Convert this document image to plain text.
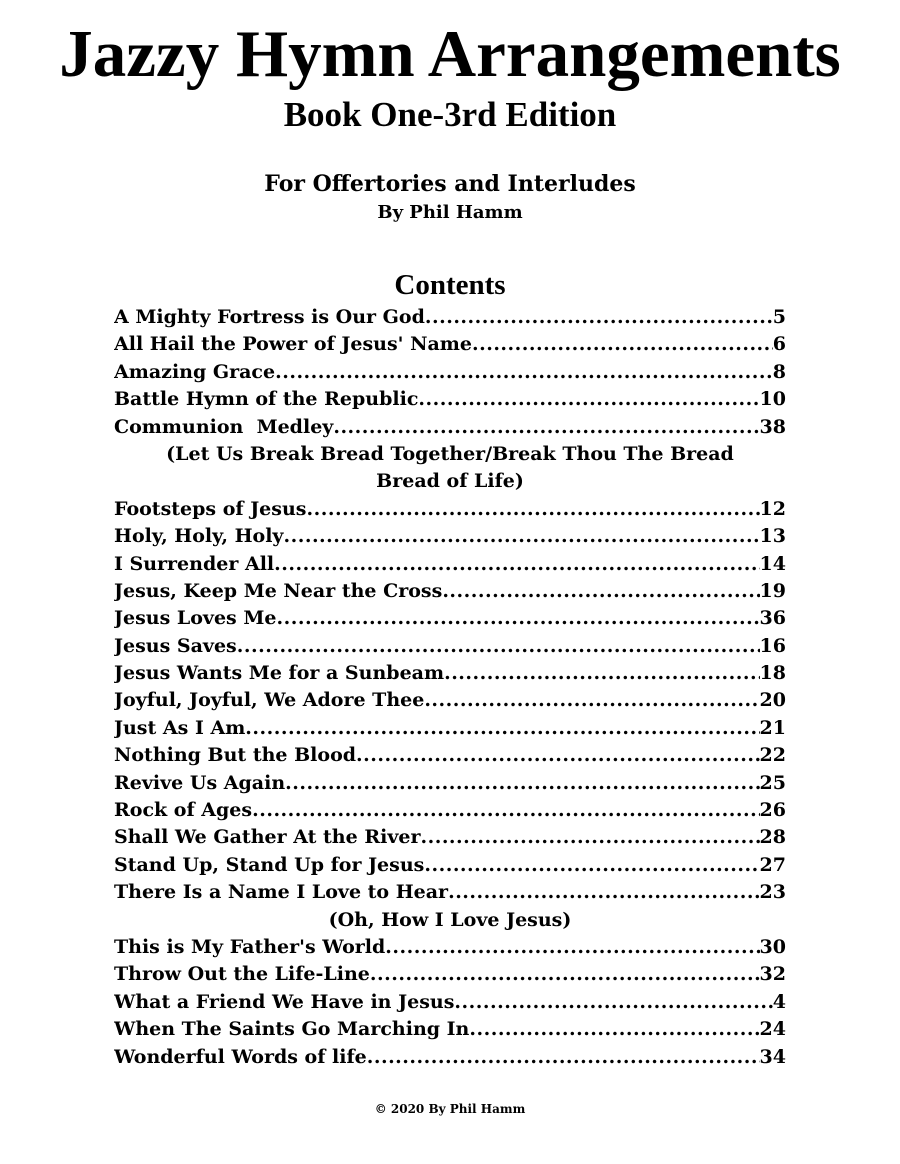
Jazzy Hymn Arrangements
Book One-3rd Edition
For Offertories and Interludes
By Phil Hamm
Contents
A Mighty Fortress is Our God .....	5
All Hail the Power of Jesus' Name .....	6
Amazing Grace .....	8
Battle Hymn of the Republic .....	10
Communion  Medley .....	38
(Let Us Break Bread Together/Break Thou The Bread
Bread of Life)
Footsteps of Jesus .....	12
Holy, Holy, Holy .....	13
I Surrender All .....	14
Jesus, Keep Me Near the Cross .....	19
Jesus Loves Me .....	36
Jesus Saves .....	16
Jesus Wants Me for a Sunbeam .....	18
Joyful, Joyful, We Adore Thee .....	20
Just As I Am .....	21
Nothing But the Blood .....	22
Revive Us Again .....	25
Rock of Ages .....	26
Shall We Gather At the River .....	28
Stand Up, Stand Up for Jesus .....	27
There Is a Name I Love to Hear .....	23
(Oh, How I Love Jesus)
This is My Father's World .....	30
Throw Out the Life-Line .....	32
What a Friend We Have in Jesus .....	4
When The Saints Go Marching In .....	24
Wonderful Words of life .....	34
© 2020 By Phil Hamm
